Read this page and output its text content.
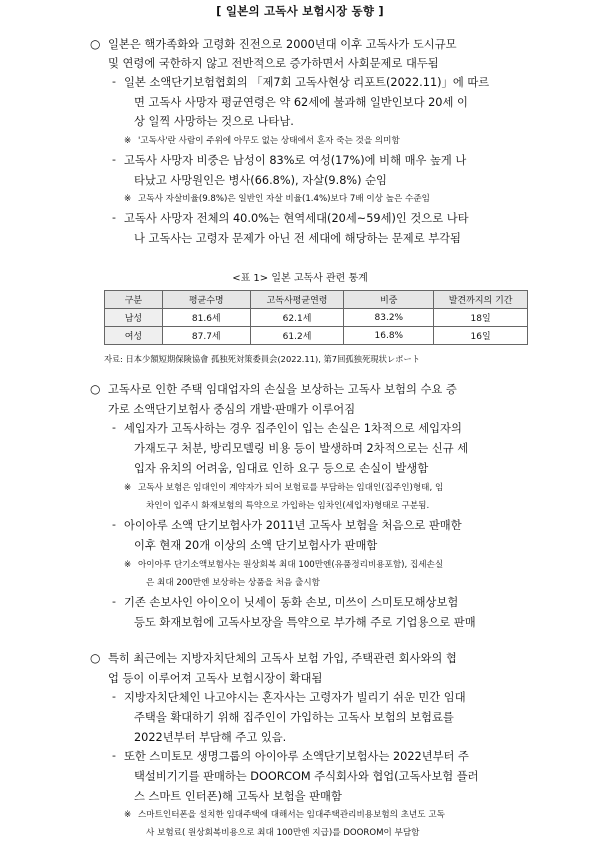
[ 일본의 고독사 보험시장 동향 ]
○ 일본은 핵가족화와 고령화 진전으로 2000년대 이후 고독사가 도시규모
및 연령에 국한하지 않고 전반적으로 증가하면서 사회문제로 대두됨
- 일본 소액단기보험협회의 「제7회 고독사현상 리포트(2022.11)」에 따르
면 고독사 사망자 평균연령은 약 62세에 불과해 일반인보다 20세 이
상 일찍 사망하는 것으로 나타남.
※ '고독사'란 사람이 주위에 아무도 없는 상태에서 혼자 죽는 것을 의미함
- 고독사 사망자 비중은 남성이 83%로 여성(17%)에 비해 매우 높게 나
타났고 사망원인은 병사(66.8%), 자살(9.8%) 순임
※ 고독사 자살비율(9.8%)은 일반인 자살 비율(1.4%)보다 7배 이상 높은 수준임
- 고독사 사망자 전체의 40.0%는 현역세대(20세~59세)인 것으로 나타
나 고독사는 고령자 문제가 아닌 전 세대에 해당하는 문제로 부각됨
<표 1> 일본 고독사 관련 통계
구분	평균수명	고독사평균연령	비중	발견까지의 기간
남성	81.6세	62.1세	83.2%	18일
여성	87.7세	61.2세	16.8%	16일
자료: 日本少額短期保険協會 孤独死対策委員会(2022.11), 第7回孤独死現状レポート
○ 고독사로 인한 주택 임대업자의 손실을 보상하는 고독사 보험의 수요 증
가로 소액단기보험사 중심의 개발·판매가 이루어짐
- 세입자가 고독사하는 경우 집주인이 입는 손실은 1차적으로 세입자의
가재도구 처분, 방리모델링 비용 등이 발생하며 2차적으로는 신규 세
입자 유치의 어려움, 임대료 인하 요구 등으로 손실이 발생함
※ 고독사 보험은 임대인이 계약자가 되어 보험료를 부담하는 임대인(집주인)형태, 임
차인이 입주시 화재보험의 특약으로 가입하는 임차인(세입자)형태로 구분됨.
- 아이아루 소액 단기보험사가 2011년 고독사 보험을 처음으로 판매한
이후 현재 20개 이상의 소액 단기보험사가 판매함
※ 아이아루 단기소액보험사는 원상회복 최대 100만엔(유품정리비용포함), 집세손실
은 최대 200만엔 보상하는 상품을 처음 출시함
- 기존 손보사인 아이오이 닛세이 동화 손보, 미쓰이 스미토모해상보험
등도 화재보험에 고독사보장을 특약으로 부가해 주로 기업용으로 판매
○ 특히 최근에는 지방자치단체의 고독사 보험 가입, 주택관련 회사와의 협
업 등이 이루어져 고독사 보험시장이 확대됨
- 지방자치단체인 나고야시는 혼자사는 고령자가 빌리기 쉬운 민간 임대
주택을 확대하기 위해 집주인이 가입하는 고독사 보험의 보험료를
2022년부터 부담해 주고 있음.
- 또한 스미토모 생명그룹의 아이아루 소액단기보험사는 2022년부터 주
택설비기기를 판매하는 DOORCOM 주식회사와 협업(고독사보험 플러
스 스마트 인터폰)해 고독사 보험을 판매함
※ 스마트인터폰을 설치한 임대주택에 대해서는 임대주택관리비용보험의 초년도 고독
사 보험료( 원상회복비용으로 최대 100만엔 지급)를 DOOROM이 부담함
